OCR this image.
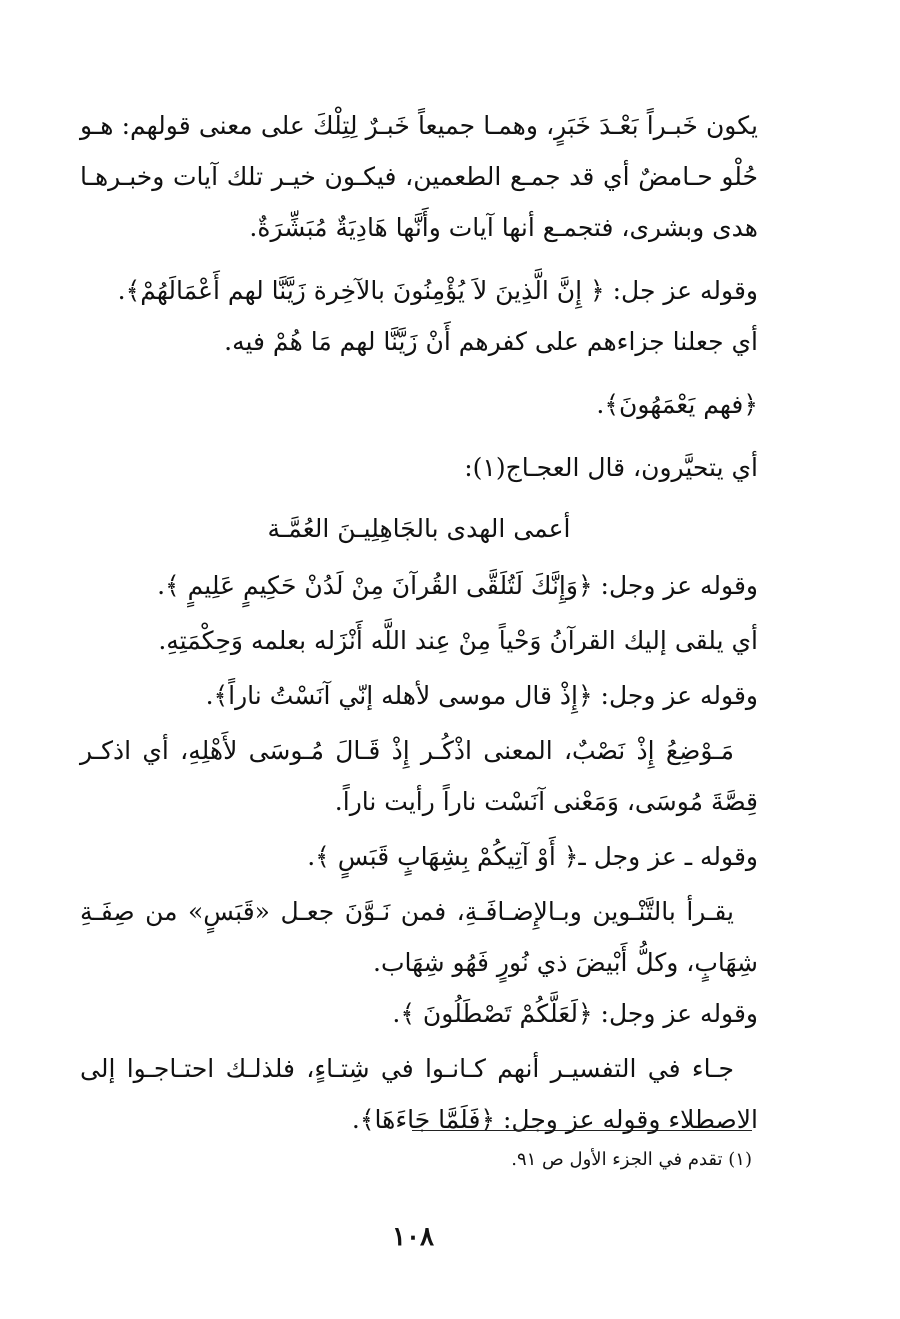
يكون خَبـراً بَعْـدَ خَبَرٍ، وهمـا جميعاً خَبـرٌ لِتِلْكَ على معنى قولهم: هـو حُلْو حـامضٌ أي قد جمـع الطعمين، فيكـون خيـر تلك آيات وخبـرهـا هدى وبشرى، فتجمـع أنها آيات وأَنَّها هَادِيَةٌ مُبَشِّرَةٌ.

وقوله عز جل: ﴿ إِنَّ الَّذِينَ لاَ يُؤْمِنُونَ بالآخِرة زَيَّنَّا لهم أَعْمَالَهُمْ﴾.

أي جعلنا جزاءهم على كفرهم أَنْ زَيَّنَّا لهم مَا هُمْ فيه.

﴿فهم يَعْمَهُونَ﴾.

أي يتحيَّرون، قال العجـاج(١):

أعمى الهدى بالجَاهِلِيـنَ العُمَّـة

وقوله عز وجل: ﴿وَإِنَّكَ لَتُلَقَّى القُرآنَ مِنْ لَدُنْ حَكِيمٍ عَلِيمٍ ﴾.

أي يلقى إليك القرآنُ وَحْياً مِنْ عِند اللَّه أَنْزَله بعلمه وَحِكْمَتِهِ.

وقوله عز وجل: ﴿إِذْ قال موسى لأهله إنّي آنَسْتُ ناراً﴾.

مَـوْضِعُ إِذْ نَصْبٌ، المعنى اذْكُـر إِذْ قَـالَ مُـوسَى لأَهْلِهِ، أي اذكـر قِصَّةَ مُوسَى، وَمَعْنى آنَسْت ناراً رأيت ناراً.

وقوله ـ عز وجل ـ﴿ أَوْ آتِيكُمْ بِشِهَابٍ قَبَسٍ ﴾.

يقـرأ بالتَّنْـوين وبـالإِضـافَـةِ، فمن نَـوَّنَ جعـل «قَبَسٍ» من صِفَـةِ شِهَابٍ، وكلُّ أَبْيضَ ذي نُورٍ فَهُو شِهَاب.

وقوله عز وجل: ﴿لَعَلَّكُمْ تَصْطَلُونَ ﴾.

جـاء في التفسيـر أنهم كـانـوا في شِتـاءٍ، فلذلـك احتـاجـوا إلى الاصطلاء وقوله عز وجل: ﴿فَلَمَّا جَاءَهَا﴾.

(١) تقدم في الجزء الأول ص ٩١.
١٠٨
